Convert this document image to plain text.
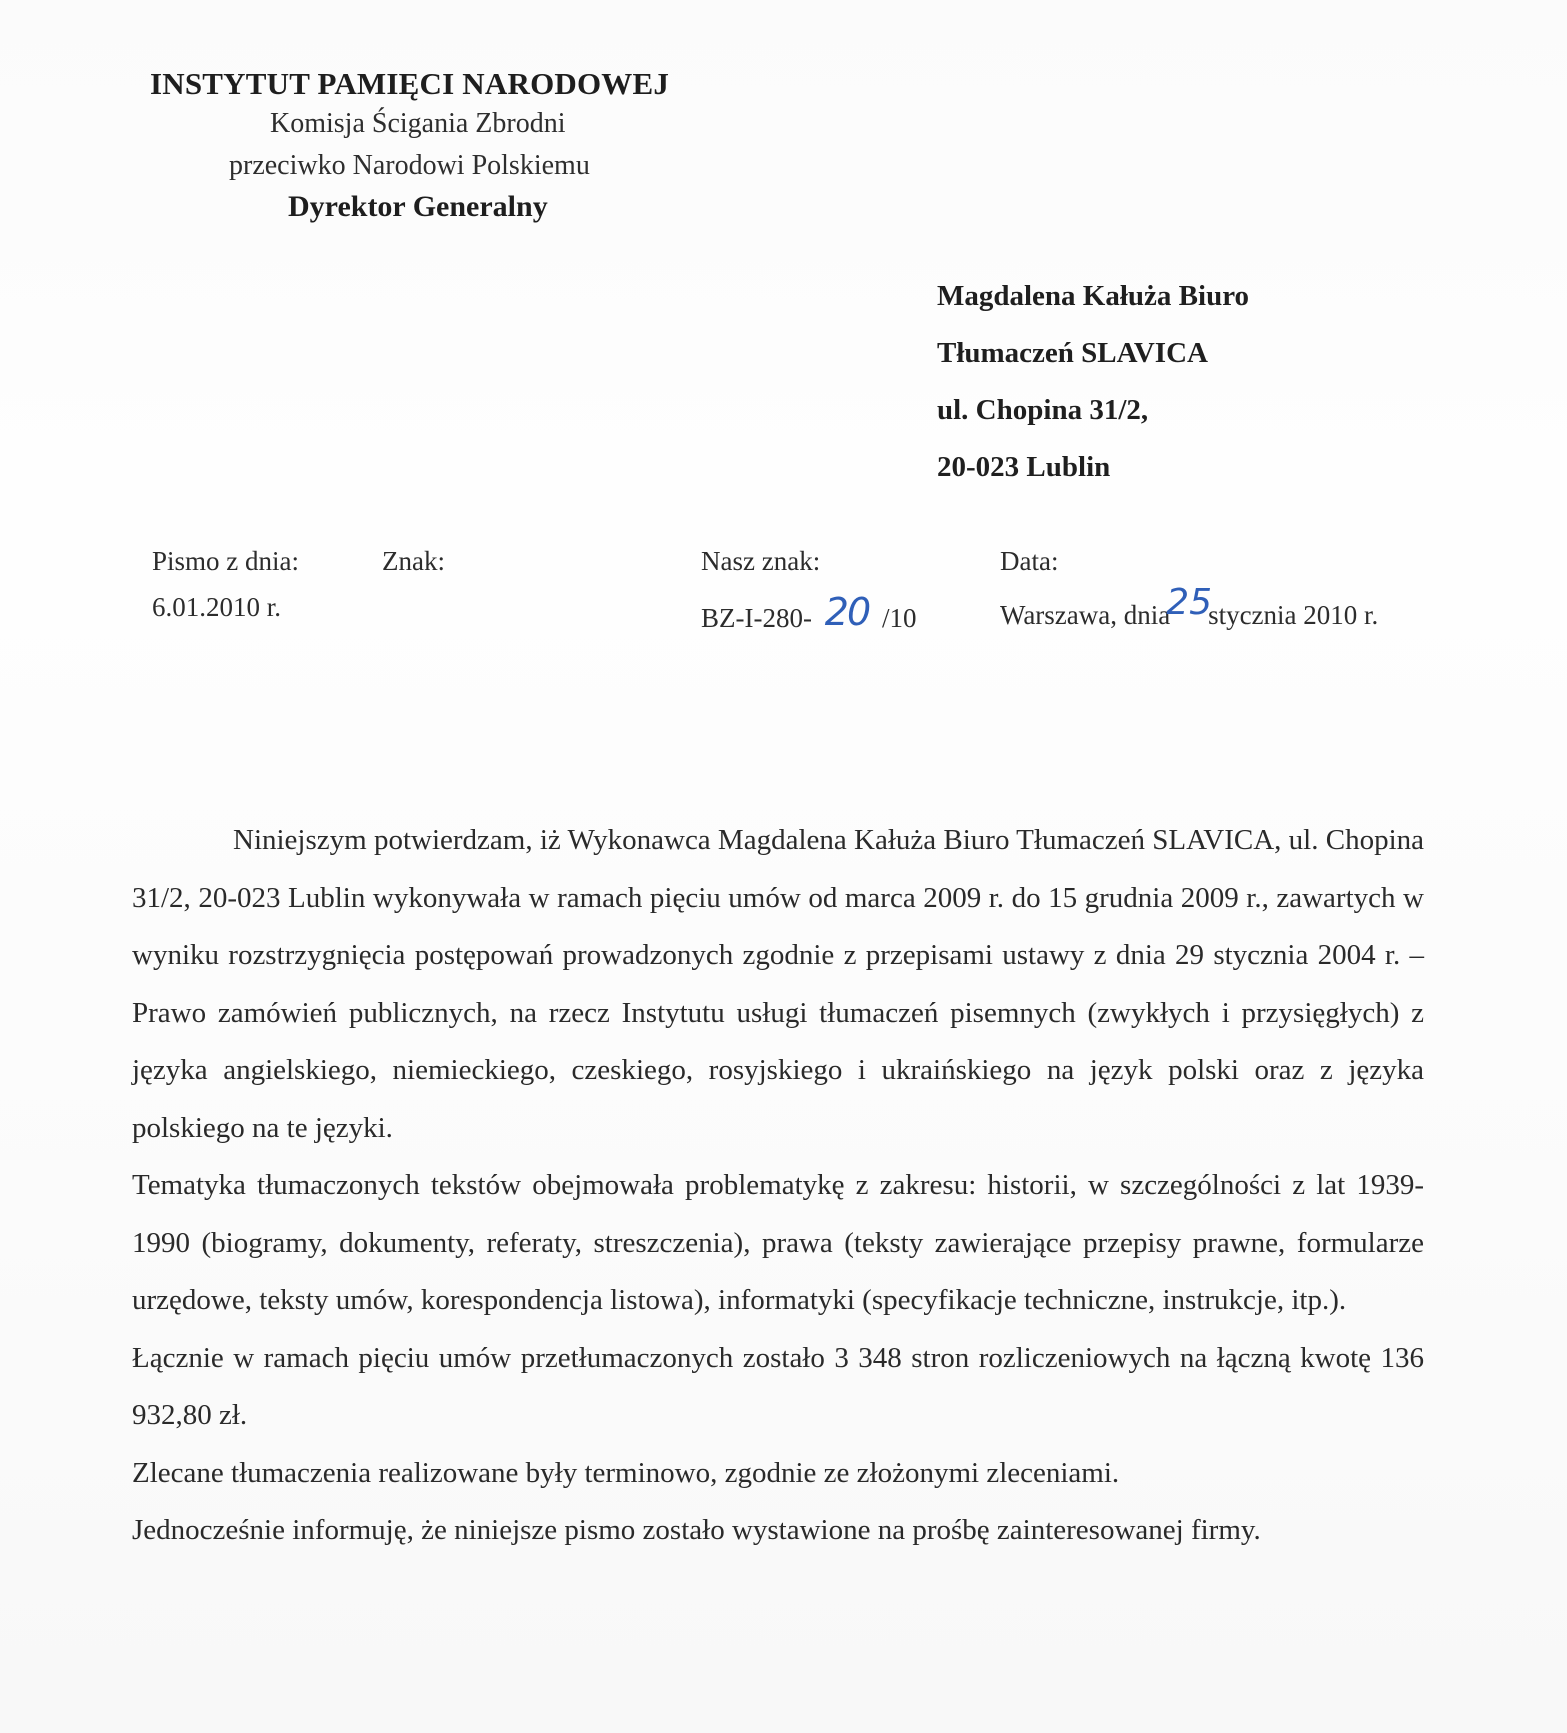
INSTYTUT PAMIĘCI NARODOWEJ
Komisja Ścigania Zbrodni
przeciwko Narodowi Polskiemu
Dyrektor Generalny
Magdalena Kałuża Biuro
Tłumaczeń SLAVICA
ul. Chopina 31/2,
20-023 Lublin
Pismo z dnia:
6.01.2010 r.
Znak:	Nasz znak:
BZ-I-280- 20 /10
Data:
Warszawa, dnia25stycznia 2010 r.

Niniejszym potwierdzam, iż Wykonawca Magdalena Kałuża Biuro Tłumaczeń SLAVICA, ul. Chopina 31/2, 20-023 Lublin wykonywała w ramach pięciu umów od marca 2009 r. do 15 grudnia 2009 r., zawartych w wyniku rozstrzygnięcia postępowań prowadzonych zgodnie z przepisami ustawy z dnia 29 stycznia 2004 r. – Prawo zamówień publicznych, na rzecz Instytutu usługi tłumaczeń pisemnych (zwykłych i przysięgłych) z języka angielskiego, niemieckiego, czeskiego, rosyjskiego i ukraińskiego na język polski oraz z języka polskiego na te języki.

Tematyka tłumaczonych tekstów obejmowała problematykę z zakresu: historii, w szczególności z lat 1939-1990 (biogramy, dokumenty, referaty, streszczenia), prawa (teksty zawierające przepisy prawne, formularze urzędowe, teksty umów, korespondencja listowa), informatyki (specyfikacje techniczne, instrukcje, itp.).

Łącznie w ramach pięciu umów przetłumaczonych zostało 3 348 stron rozliczeniowych na łączną kwotę 136 932,80 zł.

Zlecane tłumaczenia realizowane były terminowo, zgodnie ze złożonymi zleceniami.

Jednocześnie informuję, że niniejsze pismo zostało wystawione na prośbę zainteresowanej firmy.
